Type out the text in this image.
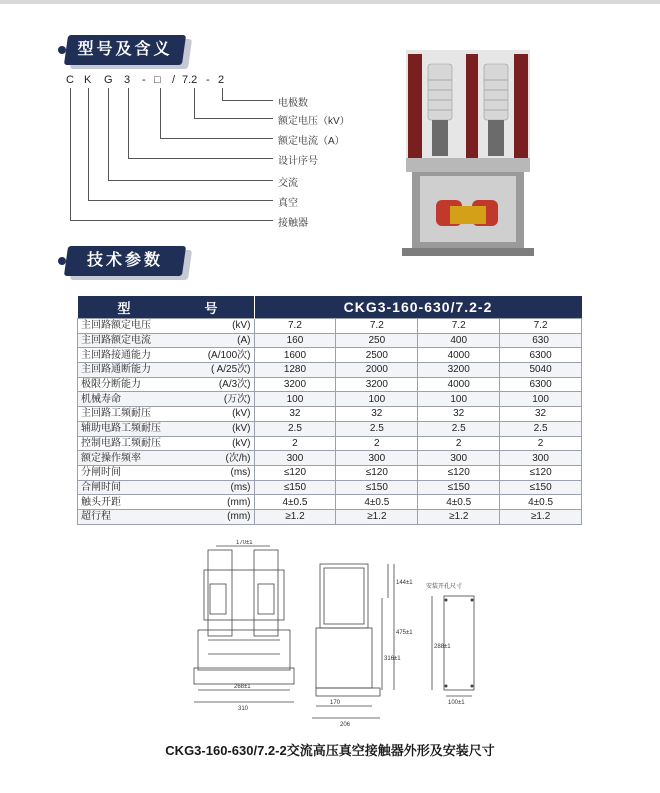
型号及含义
C K G 3 - □ / 7.2 - 2
电极数
额定电压（kV）
额定电流（A）
设计序号
交流
真空
接触器
技术参数
型 号	CKG3-160-630/7.2-2			

主回路额定电压 (kV)	7.2	7.2	7.2	7.2

主回路额定电流 (A)	160	250	400	630

主回路接通能力 (A/100次)	1600	2500	4000	6300

主回路通断能力 ( A/25次)	1280	2000	3200	5040

极限分断能力 (A/3次)	3200	3200	4000	6300

机械寿命 (万次)	100	100	100	100

主回路工频耐压 (kV)	32	32	32	32

辅助电路工频耐压 (kV)	2.5	2.5	2.5	2.5

控制电路工频耐压 (kV)	2	2	2	2

额定操作频率 (次/h)	300	300	300	300

分闸时间 (ms)	≤120	≤120	≤120	≤120

合闸时间 (ms)	≤150	≤150	≤150	≤150

触头开距 (mm)	4±0.5	4±0.5	4±0.5	4±0.5

超行程 (mm)	≥1.2	≥1.2	≥1.2	≥1.2
170±1
268±1
310
170
206
144±1
475±1
316±1
安装开孔尺寸
288±1
100±1
CKG3-160-630/7.2-2交流高压真空接触器外形及安装尺寸
